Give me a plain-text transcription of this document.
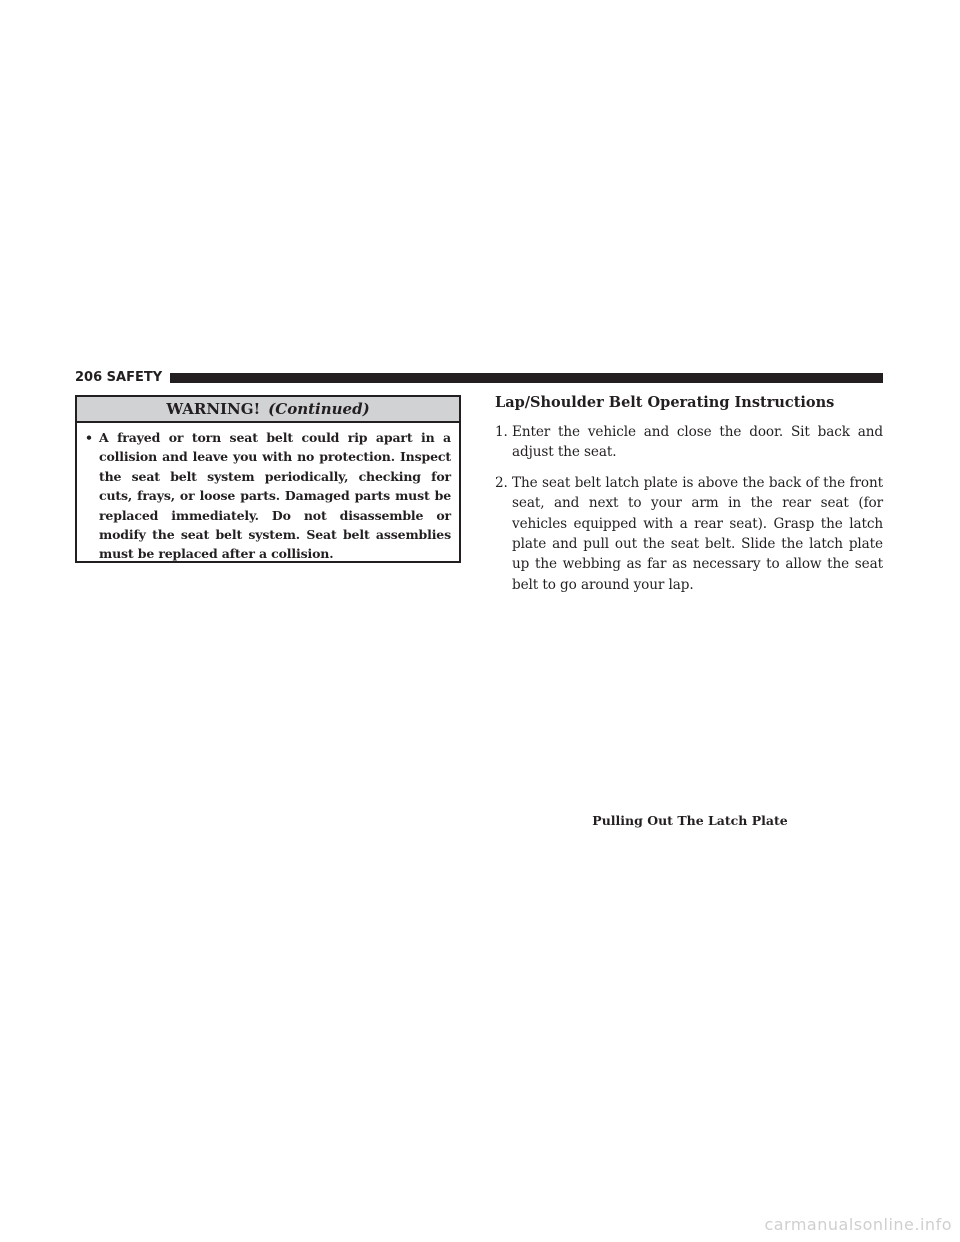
206 SAFETY
WARNING! (Continued)
• A frayed or torn seat belt could rip apart in a collision and leave you with no protection. Inspect the seat belt system periodically, checking for cuts, frays, or loose parts. Damaged parts must be replaced immediately. Do not disassemble or modify the seat belt system. Seat belt assemblies must be replaced after a collision.
Lap/Shoulder Belt Operating Instructions
1. Enter the vehicle and close the door. Sit back and adjust the seat.
2. The seat belt latch plate is above the back of the front seat, and next to your arm in the rear seat (for vehicles equipped with a rear seat). Grasp the latch plate and pull out the seat belt. Slide the latch plate up the webbing as far as necessary to allow the seat belt to go around your lap.
Pulling Out The Latch Plate
carmanualsonline.info
